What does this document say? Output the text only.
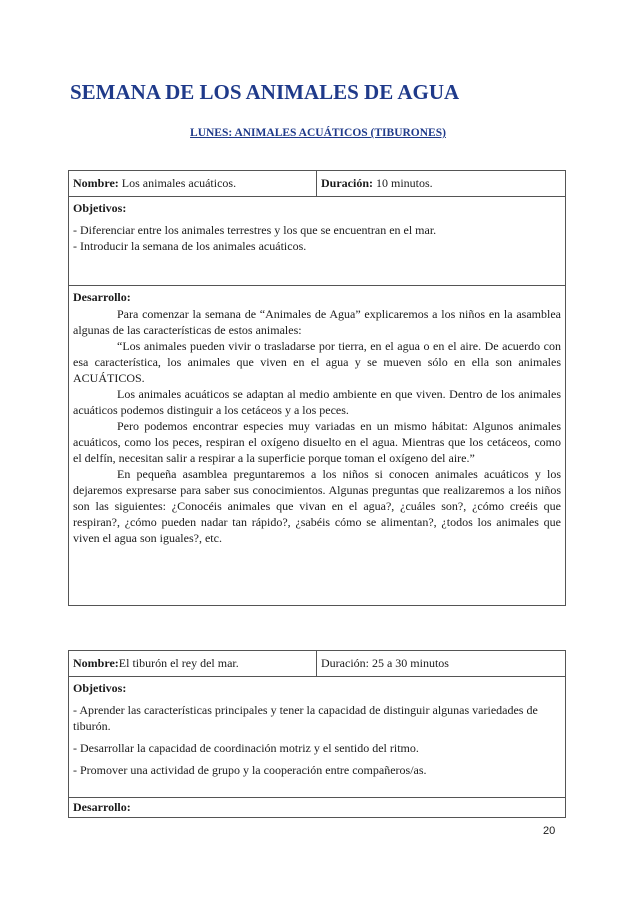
SEMANA DE LOS ANIMALES DE AGUA
LUNES: ANIMALES ACUÁTICOS (TIBURONES)
Nombre: Los animales acuáticos.	Duración: 10 minutos.

Objetivos:

- Diferenciar entre los animales terrestres y los que se encuentran en el mar.

- Introducir la semana de los animales acuáticos.

Desarrollo:

Para comenzar la semana de “Animales de Agua” explicaremos a los niños en la asamblea algunas de las características de estos animales:

“Los animales pueden vivir o trasladarse por tierra, en el agua o en el aire. De acuerdo con esa característica, los animales que viven en el agua y se mueven sólo en ella son animales ACUÁTICOS.

Los animales acuáticos se adaptan al medio ambiente en que viven. Dentro de los animales acuáticos podemos distinguir a los cetáceos y a los peces.

Pero podemos encontrar especies muy variadas en un mismo hábitat: Algunos animales acuáticos, como los peces, respiran el oxígeno disuelto en el agua. Mientras que los cetáceos, como el delfín, necesitan salir a respirar a la superficie porque toman el oxígeno del aire.”

En pequeña asamblea preguntaremos a los niños si conocen animales acuáticos y los dejaremos expresarse para saber sus conocimientos. Algunas preguntas que realizaremos a los niños son las siguientes: ¿Conocéis animales que vivan en el agua?, ¿cuáles son?, ¿cómo creéis que respiran?, ¿cómo pueden nadar tan rápido?, ¿sabéis cómo se alimentan?, ¿todos los animales que viven el agua son iguales?, etc.

Nombre:El tiburón el rey del mar.	Duración: 25 a 30 minutos

Objetivos:

- Aprender las características principales y tener la capacidad de distinguir algunas variedades de tiburón.

- Desarrollar la capacidad de coordinación motriz y el sentido del ritmo.

- Promover una actividad de grupo y la cooperación entre compañeros/as.

Desarrollo:
20
